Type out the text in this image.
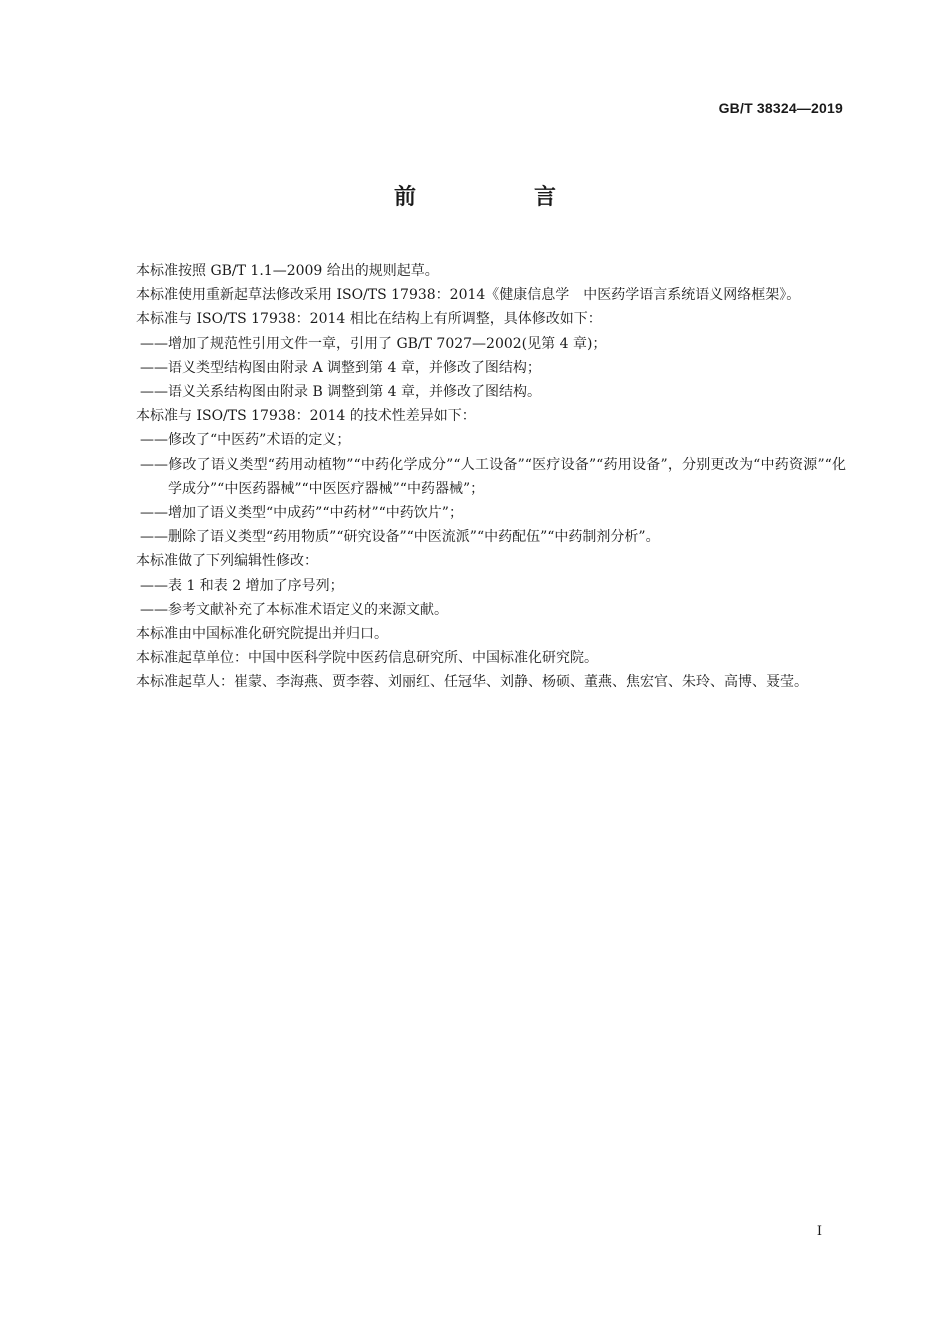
GB/T 38324—2019
前　言

本标准按照 GB/T 1.1—2009 给出的规则起草。

本标准使用重新起草法修改采用 ISO/TS 17938：2014《健康信息学　中医药学语言系统语义网络框架》。

本标准与 ISO/TS 17938：2014 相比在结构上有所调整，具体修改如下：

——增加了规范性引用文件一章，引用了 GB/T 7027—2002(见第 4 章)；

——语义类型结构图由附录 A 调整到第 4 章，并修改了图结构；

——语义关系结构图由附录 B 调整到第 4 章，并修改了图结构。

本标准与 ISO/TS 17938：2014 的技术性差异如下：

——修改了“中医药”术语的定义；

——修改了语义类型“药用动植物”“中药化学成分”“人工设备”“医疗设备”“药用设备”，分别更改为“中药资源”“化学成分”“中医药器械”“中医医疗器械”“中药器械”；

——增加了语义类型“中成药”“中药材”“中药饮片”；

——删除了语义类型“药用物质”“研究设备”“中医流派”“中药配伍”“中药制剂分析”。

本标准做了下列编辑性修改：

——表 1 和表 2 增加了序号列；

——参考文献补充了本标准术语定义的来源文献。

本标准由中国标准化研究院提出并归口。

本标准起草单位：中国中医科学院中医药信息研究所、中国标准化研究院。

本标准起草人：崔蒙、李海燕、贾李蓉、刘丽红、任冠华、刘静、杨硕、董燕、焦宏官、朱玲、高博、聂莹。

I
